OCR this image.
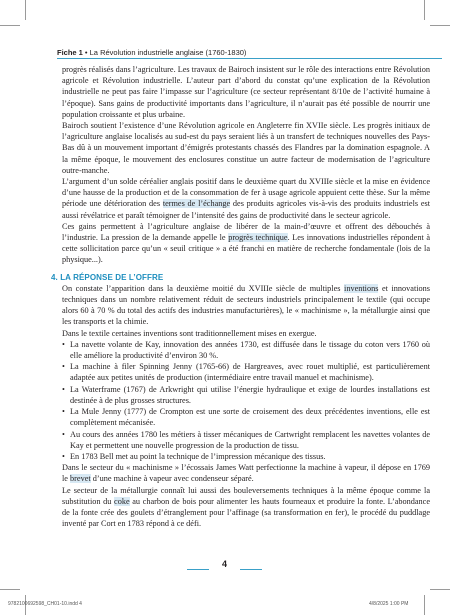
Fiche 1 • La Révolution industrielle anglaise (1760-1830)

progrès réalisés dans l’agriculture. Les travaux de Bairoch insistent sur le rôle des interactions entre Révolution agricole et Révolution industrielle. L’auteur part d’abord du constat qu’une explication de la Révolution industrielle ne peut pas faire l’impasse sur l’agriculture (ce secteur représentant 8/10e de l’activité humaine à l’époque). Sans gains de productivité importants dans l’agriculture, il n’aurait pas été possible de nourrir une population croissante et plus urbaine.

Bairoch soutient l’existence d’une Révolution agricole en Angleterre fin XVIIe siècle. Les progrès initiaux de l’agriculture anglaise localisés au sud-est du pays seraient liés à un transfert de techniques nouvelles des Pays-Bas dû à un mouvement important d’émigrés protestants chassés des Flandres par la domination espagnole. A la même époque, le mouvement des enclosures constitue un autre facteur de modernisation de l’agriculture outre-manche.

L’argument d’un solde céréalier anglais positif dans le deuxième quart du XVIIIe siècle et la mise en évidence d’une hausse de la production et de la consommation de fer à usage agricole appuient cette thèse. Sur la même période une détérioration des termes de l’échange des produits agricoles vis-à-vis des produits industriels est aussi révélatrice et paraît témoigner de l’intensité des gains de productivité dans le secteur agricole.

Ces gains permettent à l’agriculture anglaise de libérer de la main-d’œuvre et offrent des débouchés à l’industrie. La pression de la demande appelle le progrès technique. Les innovations industrielles répondent à cette sollicitation parce qu’un « seuil critique » a été franchi en matière de recherche fondamentale (lois de la physique...).

4. LA RÉPONSE DE L’OFFRE

On constate l’apparition dans la deuxième moitié du XVIIIe siècle de multiples inventions et innovations techniques dans un nombre relativement réduit de secteurs industriels principalement le textile (qui occupe alors 60 à 70 % du total des actifs des industries manufacturières), le « machinisme », la métallurgie ainsi que les transports et la chimie.

Dans le textile certaines inventions sont traditionnellement mises en exergue.

• La navette volante de Kay, innovation des années 1730, est diffusée dans le tissage du coton vers 1760 où elle améliore la productivité d’environ 30 %.
• La machine à filer Spinning Jenny (1765-66) de Hargreaves, avec rouet multiplié, est particulièrement adaptée aux petites unités de production (intermédiaire entre travail manuel et machinisme).
• La Waterframe (1767) de Arkwright qui utilise l’énergie hydraulique et exige de lourdes installations est destinée à de plus grosses structures.
• La Mule Jenny (1777) de Crompton est une sorte de croisement des deux précédentes inventions, elle est complètement mécanisée.
• Au cours des années 1780 les métiers à tisser mécaniques de Cartwright remplacent les navettes volantes de Kay et permettent une nouvelle progression de la production de tissu.
• En 1783 Bell met au point la technique de l’impression mécanique des tissus.

Dans le secteur du « machinisme » l’écossais James Watt perfectionne la machine à vapeur, il dépose en 1769 le brevet d’une machine à vapeur avec condenseur séparé.

Le secteur de la métallurgie connaît lui aussi des bouleversements techniques à la même époque comme la substitution du coke au charbon de bois pour alimenter les hauts fourneaux et produire la fonte. L’abondance de la fonte crée des goulets d’étranglement pour l’affinage (sa transformation en fer), le procédé du puddlage inventé par Cort en 1783 répond à ce défi.

4
9782100692598_CH01-10.indd 4	4/8/2025 1:00 PM
